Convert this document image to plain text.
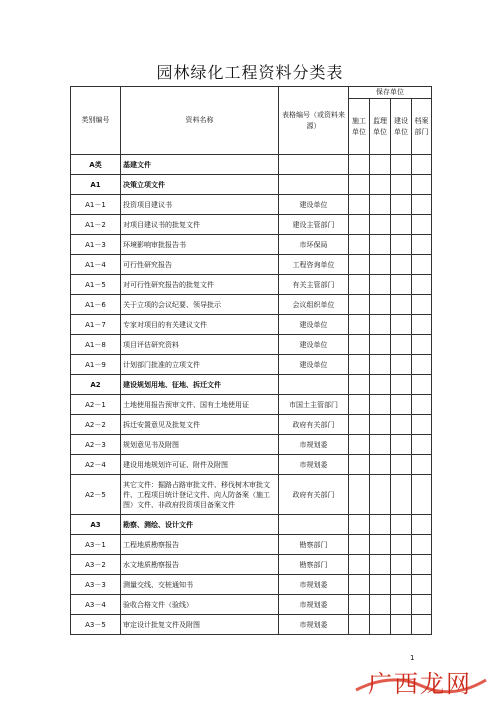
园林绿化工程资料分类表
类别编号	资料名称	表格编号（或资料来源）	保存单位			
			施工单位	监理单位	建设单位	档案部门
A类	基建文件					
A1	决策立项文件					
A1－1	投资项目建议书	建设单位				
A1－2	对项目建议书的批复文件	建设主管部门				
A1－3	环境影响审批报告书	市环保局				
A1－4	可行性研究报告	工程咨询单位				
A1－5	对可行性研究报告的批复文件	有关主管部门				
A1－6	关于立项的会议纪要、领导批示	会议组织单位				
A1－7	专家对项目的有关建议文件	建设单位				
A1－8	项目评估研究资料	建设单位				
A1－9	计划部门批准的立项文件	建设单位				
A2	建设规划用地、征地、拆迁文件					
A2－1	土地使用报告预审文件、国有土地使用证	市国土主管部门				
A2－2	拆迁安置意见及批复文件	政府有关部门				
A2－3	规划意见书及附图	市规划委				
A2－4	建设用地规划许可证、附件及附图	市规划委				
A2－5	其它文件：掘路占路审批文件、移伐树木审批文件、工程项目统计登记文件、向人防备案（施工图）文件、非政府投资项目备案文件	政府有关部门				
A3	勘察、测绘、设计文件					
A3－1	工程地质勘察报告	勘察部门				
A3－2	水文地质勘察报告	勘察部门				
A3－3	测量交线、交桩通知书	市规划委				
A3－4	验收合格文件（验线）	市规划委				
A3－5	审定设计批复文件及附图	市规划委				
1
广西龙网
